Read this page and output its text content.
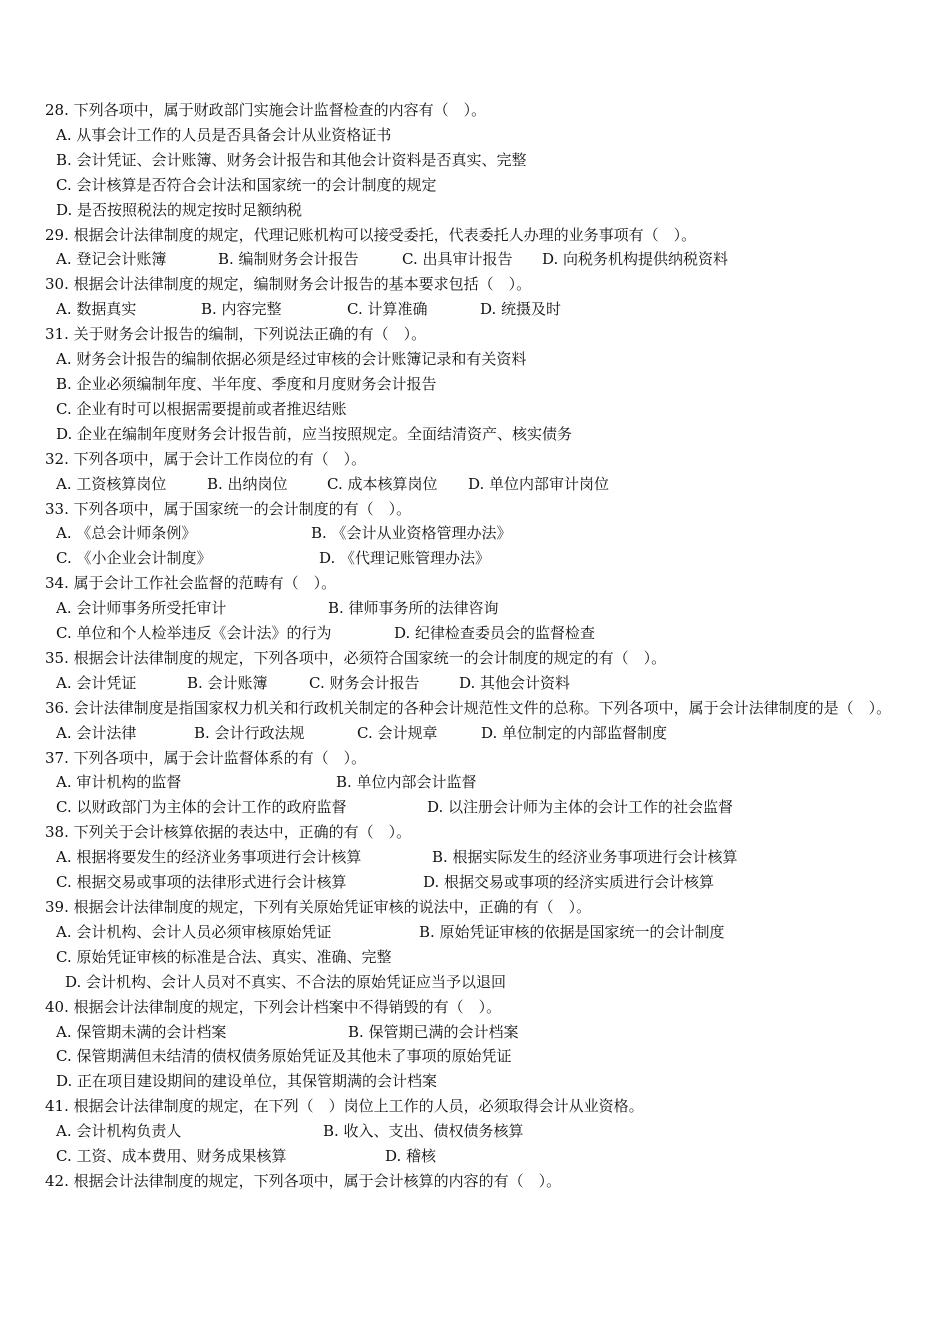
28. 下列各项中，属于财政部门实施会计监督检查的内容有（　）。

A. 从事会计工作的人员是否具备会计从业资格证书

B. 会计凭证、会计账簿、财务会计报告和其他会计资料是否真实、完整

C. 会计核算是否符合会计法和国家统一的会计制度的规定

D. 是否按照税法的规定按时足额纳税

29. 根据会计法律制度的规定，代理记账机构可以接受委托，代表委托人办理的业务事项有（　）。

A. 登记会计账簿	B. 编制财务会计报告	C. 出具审计报告 D. 向税务机构提供纳税资料

30. 根据会计法律制度的规定，编制财务会计报告的基本要求包括（　）。

A. 数据真实	B. 内容完整	C. 计算准确	D. 统摄及时

31. 关于财务会计报告的编制，下列说法正确的有（　）。

A. 财务会计报告的编制依据必须是经过审核的会计账簿记录和有关资料

B. 企业必须编制年度、半年度、季度和月度财务会计报告

C. 企业有时可以根据需要提前或者推迟结账

D. 企业在编制年度财务会计报告前，应当按照规定。全面结清资产、核实债务

32. 下列各项中，属于会计工作岗位的有（　）。

A. 工资核算岗位	B. 出纳岗位	C. 成本核算岗位 D. 单位内部审计岗位

33. 下列各项中，属于国家统一的会计制度的有（　）。

A. 《总会计师条例》	B. 《会计从业资格管理办法》

C. 《小企业会计制度》	D. 《代理记账管理办法》

34. 属于会计工作社会监督的范畴有（　）。

A. 会计师事务所受托审计	B. 律师事务所的法律咨询

C. 单位和个人检举违反《会计法》的行为	D. 纪律检查委员会的监督检查

35. 根据会计法律制度的规定，下列各项中，必须符合国家统一的会计制度的规定的有（　）。

A. 会计凭证	B. 会计账簿	C. 财务会计报告	D. 其他会计资料

36. 会计法律制度是指国家权力机关和行政机关制定的各种会计规范性文件的总称。下列各项中，属于会计法律制度的是（　）。

A. 会计法律	B. 会计行政法规	C. 会计规章	D. 单位制定的内部监督制度

37. 下列各项中，属于会计监督体系的有（　）。

A. 审计机构的监督	B. 单位内部会计监督

C. 以财政部门为主体的会计工作的政府监督	D. 以注册会计师为主体的会计工作的社会监督

38. 下列关于会计核算依据的表达中，正确的有（　）。

A. 根据将要发生的经济业务事项进行会计核算	B. 根据实际发生的经济业务事项进行会计核算

C. 根据交易或事项的法律形式进行会计核算	D. 根据交易或事项的经济实质进行会计核算

39. 根据会计法律制度的规定，下列有关原始凭证审核的说法中，正确的有（　）。

A. 会计机构、会计人员必须审核原始凭证	B. 原始凭证审核的依据是国家统一的会计制度

C. 原始凭证审核的标准是合法、真实、准确、完整

D. 会计机构、会计人员对不真实、不合法的原始凭证应当予以退回

40. 根据会计法律制度的规定，下列会计档案中不得销毁的有（　）。

A. 保管期未满的会计档案	B. 保管期已满的会计档案

C. 保管期满但未结清的债权债务原始凭证及其他未了事项的原始凭证

D. 正在项目建设期间的建设单位，其保管期满的会计档案

41. 根据会计法律制度的规定，在下列（　）岗位上工作的人员，必须取得会计从业资格。

A. 会计机构负责人	B. 收入、支出、债权债务核算

C. 工资、成本费用、财务成果核算	D. 稽核

42. 根据会计法律制度的规定，下列各项中，属于会计核算的内容的有（　）。
